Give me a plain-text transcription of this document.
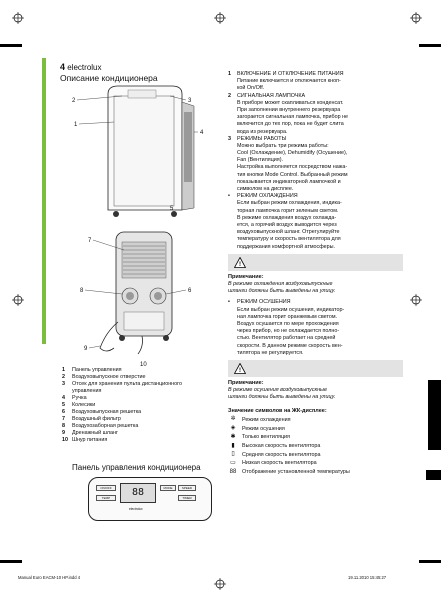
4 electrolux
Описание кондиционера
2
1
3
4
5
7
8	6
9
10
1	Панель управления
2	Воздуховыпускное отверстие
3	Отсек для хранения пульта дистанционного
управления
4	Ручка
5	Колесики
6	Воздуховыпускная решетка
7	Воздушный фильтр
8	Воздухозаборная решетка
9	Дренажный шланг
10 Шнур питания
Панель управления кондиционера
ON/OFF
TEMP	88	MODE	SPEED
TIMER
electrolux
1	ВКЛЮЧЕНИЕ И ОТКЛЮЧЕНИЕ ПИТАНИЯ

Питание включается и отключается кноп-

кой On/Off.

2	СИГНАЛЬНАЯ ЛАМПОЧКА

В приборе может скапливаться конденсат.

При заполнении внутреннего резервуара

загорается сигнальная лампочка, прибор не

включится до тех пор, пока не будет слита

вода из резервуара.

3	РЕЖИМЫ РАБОТЫ

Можно выбрать три режима работы:

Cool (Охлаждение), Dehumidify (Осушение),

Fan (Вентиляция).

Настройка выполняется посредством нажа-

тия кнопки Mode Control. Выбранный режим

показывается индикаторной лампочкой и

символом на дисплее.

•	РЕЖИМ ОХЛАЖДЕНИЯ

Если выбран режим охлаждения, индика-

торная лампочка горит зеленым светом.

В режиме охлаждения воздух охлажда-

ется, а горячий воздух выводится через

воздуховыпускной шланг. Отрегулируйте

температуру и скорость вентилятора для

поддержания комфортной атмосферы.

!
Примечание:

В режиме охлаждения воздуховыпускные

шланги должны быть выведены на улицу.

•	РЕЖИМ ОСУШЕНИЯ

Если выбран режим осушения, индикатор-

ная лампочка горит оранжевым светом.

Воздух осушается по мере прохождения

через прибор, но не охлаждается полно-

стью. Вентилятор работает на средней

скорости. В данном режиме скорость вен-

тилятора не регулируется.

!
Примечание:

В режиме осушения воздуховыпускные

шланги должны быть выведены на улицу.

Значение символов на ЖК-дисплее:
✲	Режим охлаждения
◈	Режим осушения
✱	Только вентиляция
▮	Высокая скорость вентилятора
▯	Средняя скорость вентилятора
▭	Низкая скорость вентилятора
88	Отображение установленной температуры
Manual Euro EACM-10 HP.indd 4	19.11.2010 15:45:27
